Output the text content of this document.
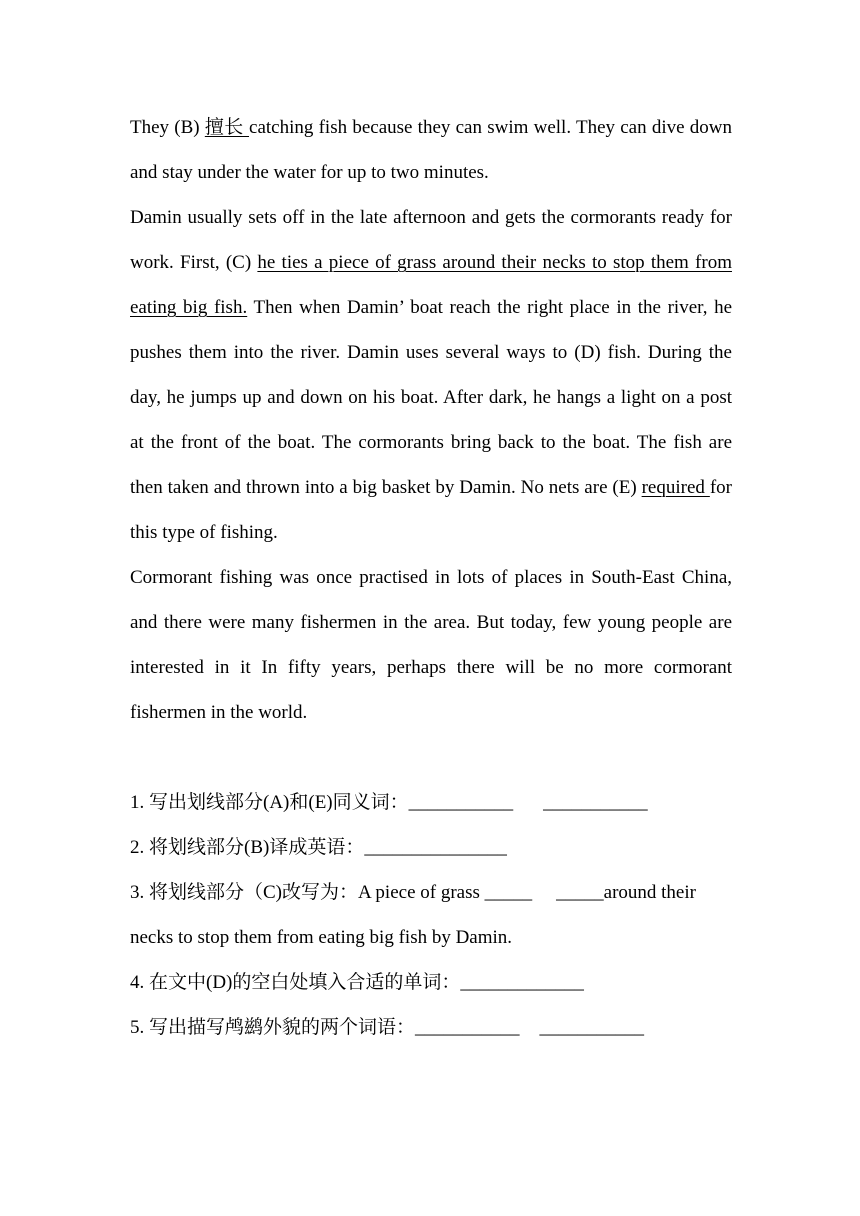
They (B) 擅长 catching fish because they can swim well. They can dive down and stay under the water for up to two minutes.
Damin usually sets off in the late afternoon and gets the cormorants ready for work. First, (C) he ties a piece of grass around their necks to stop them from eating big fish. Then when Damin’ boat reach the right place in the river, he pushes them into the river. Damin uses several ways to (D) fish. During the day, he jumps up and down on his boat. After dark, he hangs a light on a post at the front of the boat. The cormorants bring back to the boat. The fish are then taken and thrown into a big basket by Damin. No nets are (E) required for this type of fishing.
Cormorant fishing was once practised in lots of places in South-East China, and there were many fishermen in the area. But today, few young people are interested in it In fifty years, perhaps there will be no more cormorant fishermen in the world.
1. 写出划线部分(A)和(E)同义词：___________ ___________
2. 将划线部分(B)译成英语：_______________
3. 将划线部分（C)改写为：A piece of grass _____ _____around their
necks to stop them from eating big fish by Damin.
4. 在文中(D)的空白处填入合适的单词：_____________
5. 写出描写鸬鹚外貌的两个词语：___________ ___________
